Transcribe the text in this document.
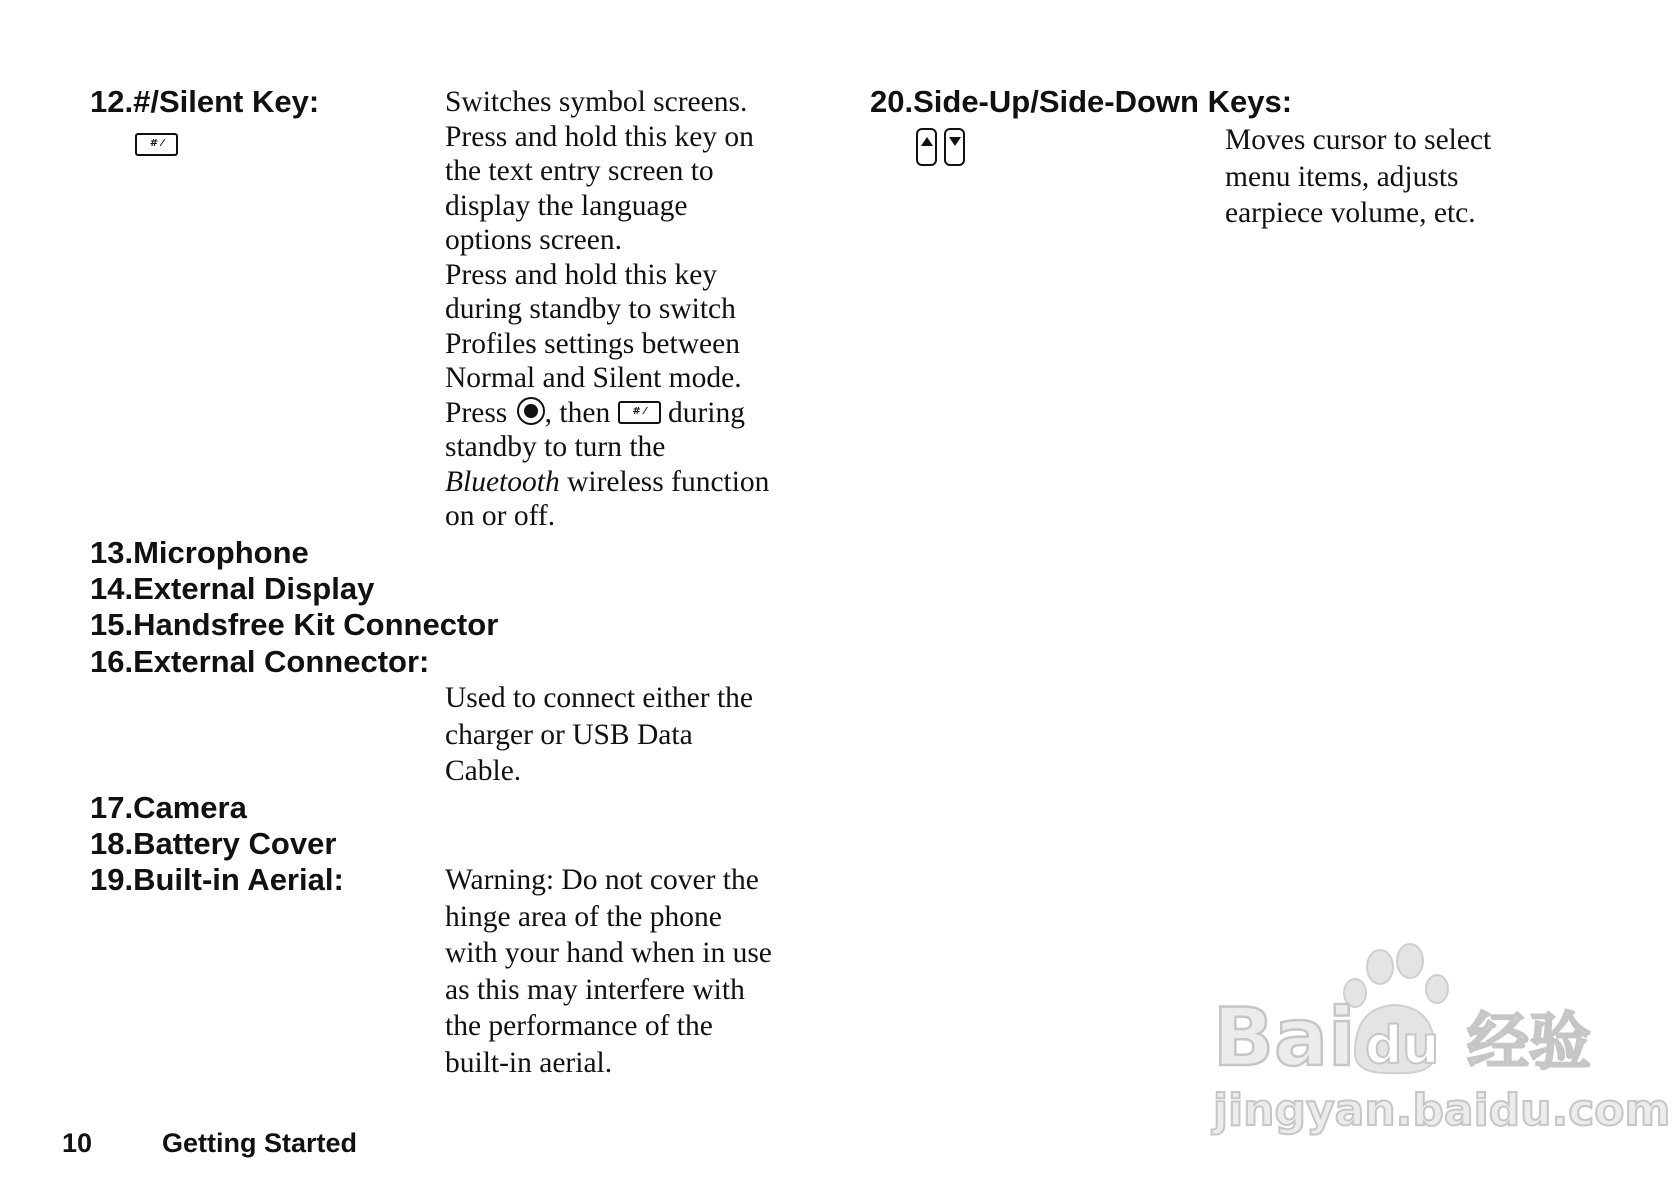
12.#/Silent Key:
# ⁄	Switches symbol screens.
Press and hold this key on
the text entry screen to
display the language
options screen.
Press and hold this key
during standby to switch
Profiles settings between
Normal and Silent mode.
Press , then # ⁄ during
standby to turn the
Bluetooth wireless function
on or off.
13.Microphone
14.External Display
15.Handsfree Kit Connector
16.External Connector:
Used to connect either the
charger or USB Data
Cable.
17.Camera
18.Battery Cover
19.Built-in Aerial:	Warning: Do not cover the
hinge area of the phone
with your hand when in use
as this may interfere with
the performance of the
built-in aerial.
20.Side-Up/Side-Down Keys:
Moves cursor to select
menu items, adjusts
earpiece volume, etc.
10	Getting Started
Bai du 经验
jingyan.baidu.com
